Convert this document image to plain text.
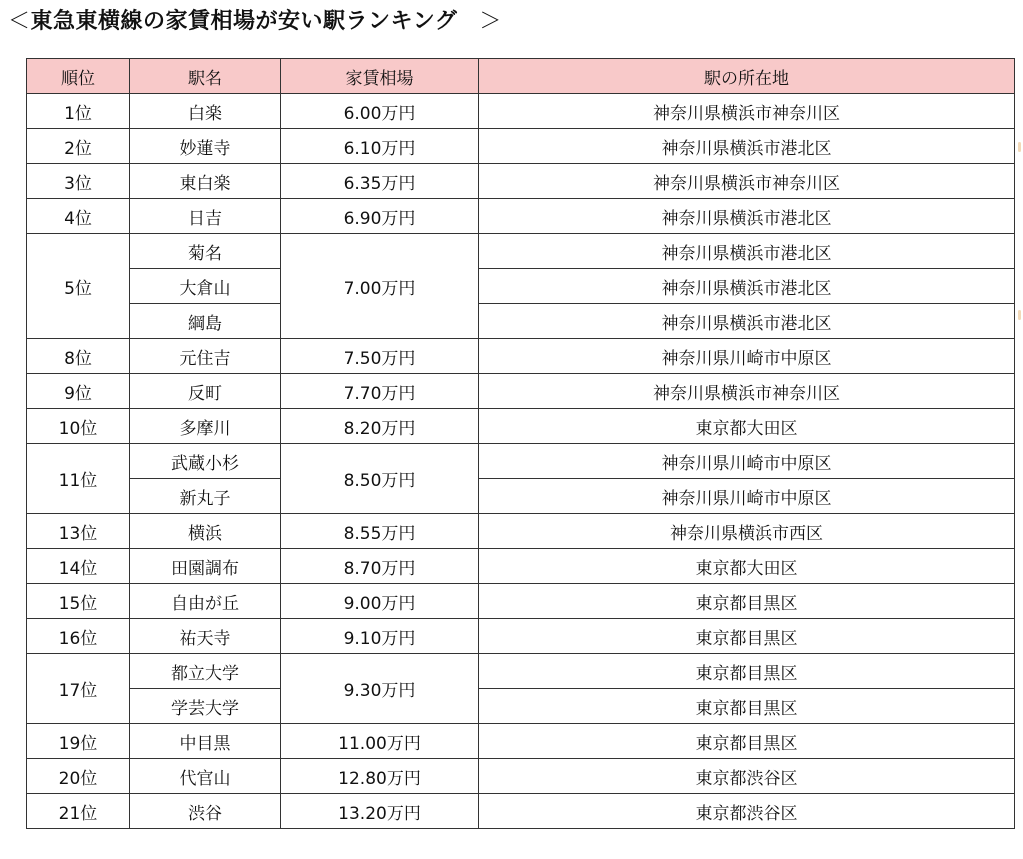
＜東急東横線の家賃相場が安い駅ランキング ＞
順位	駅名	家賃相場	駅の所在地
1位	白楽	6.00万円	神奈川県横浜市神奈川区
2位	妙蓮寺	6.10万円	神奈川県横浜市港北区
3位	東白楽	6.35万円	神奈川県横浜市神奈川区
4位	日吉	6.90万円	神奈川県横浜市港北区
5位	菊名	7.00万円	神奈川県横浜市港北区
	大倉山		神奈川県横浜市港北区
	綱島		神奈川県横浜市港北区
8位	元住吉	7.50万円	神奈川県川崎市中原区
9位	反町	7.70万円	神奈川県横浜市神奈川区
10位	多摩川	8.20万円	東京都大田区
11位	武蔵小杉	8.50万円	神奈川県川崎市中原区
	新丸子		神奈川県川崎市中原区
13位	横浜	8.55万円	神奈川県横浜市西区
14位	田園調布	8.70万円	東京都大田区
15位	自由が丘	9.00万円	東京都目黒区
16位	祐天寺	9.10万円	東京都目黒区
17位	都立大学	9.30万円	東京都目黒区
	学芸大学		東京都目黒区
19位	中目黒	11.00万円	東京都目黒区
20位	代官山	12.80万円	東京都渋谷区
21位	渋谷	13.20万円	東京都渋谷区
